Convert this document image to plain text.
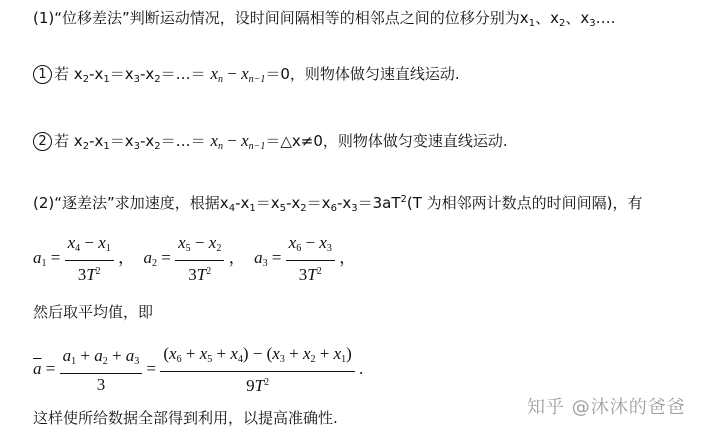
(1)“位移差法”判断运动情况，设时间间隔相等的相邻点之间的位移分别为$x_1$、$x_2$、$x_3\dots$.
1 若 $x_2-x_1=x_3-x_2=\dots= x_n - x_{n-1}=0$，则物体做匀速直线运动.
2 若 $x_2-x_1=x_3-x_2=\dots= x_n$ − $x_{n-1}=\triangle x\ne 0$，则物体做匀变速直线运动.
(2)“逐差法”求加速度，根据$x_4-x_1=x_5-x_2=x_6-x_3=3aT^2(T$ 为相邻两计数点的时间间隔)，有
$a_1 = \frac{x_4 - x_1}{3T^2}$ ，  $a_2 = \frac{x_5 - x_2}{3T^2}$ ，  $a_3 = \frac{x_6 - x_3}{3T^2}$ ，
然后取平均值，即
$\overline{a} = \frac{a_1 + a_2 + a_3}{3} = \frac{(x_6 + x_5 + x_4) - (x_3 + x_2 + x_1)}{9T^2}$ .
这样使所给数据全部得到利用，以提高准确性.	知乎 @沐沐的爸爸
